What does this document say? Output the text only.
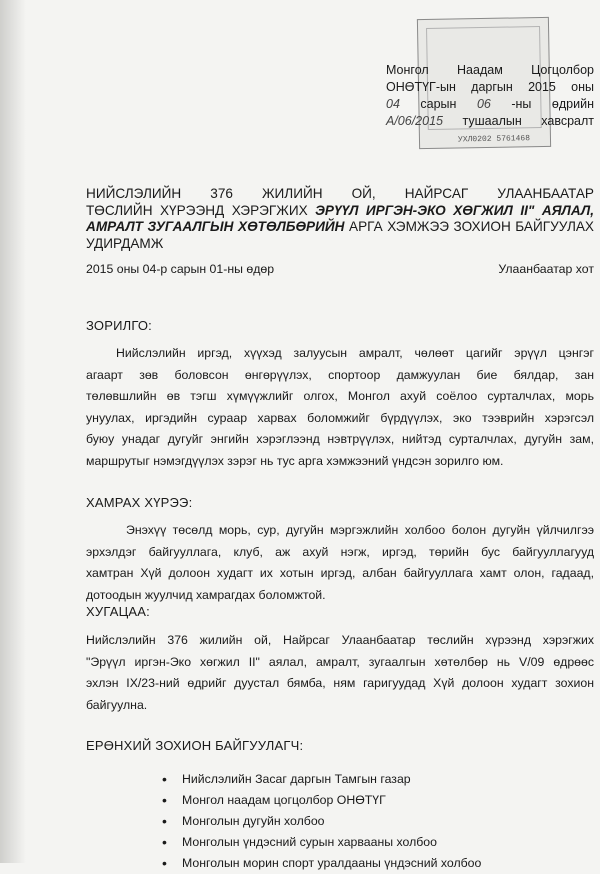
УХЛ0202 5761468
Монгол Наадам Цогцолбор
ОНӨТҮГ-ын даргын 2015 оны
04 сарын 06 -ны өдрийн
А/06/2015 тушаалын хавсралт
НИЙСЛЭЛИЙН 376 ЖИЛИЙН ОЙ, НАЙРСАГ УЛААНБААТАР
ТӨСЛИЙН ХҮРЭЭНД ХЭРЭГЖИХ ЭРҮҮЛ ИРГЭН-ЭКО ХӨГЖИЛ II" АЯЛАЛ,
АМРАЛТ ЗУГААЛГЫН ХӨТӨЛБӨРИЙН АРГА ХЭМЖЭЭ ЗОХИОН БАЙГУУЛАХ
УДИРДАМЖ
2015 оны 04-р сарын 01-ны өдөр	Улаанбаатар хот
ЗОРИЛГО:
Нийслэлийн иргэд, хүүхэд залуусын амралт, чөлөөт цагийг эрүүл цэнгэг
агаарт зөв боловсон өнгөрүүлэх, спортоор дамжуулан бие бялдар, зан
төлөвшлийн өв тэгш хүмүүжлийг олгох, Монгол ахуй соёлоо сурталчлах, морь
унуулах, иргэдийн сураар харвах боломжийг бүрдүүлэх, эко тээврийн хэрэгсэл
буюу унадаг дугуйг энгийн хэрэглээнд нэвтрүүлэх, нийтэд сурталчлах, дугуйн зам,
маршрутыг нэмэгдүүлэх зэрэг нь тус арга хэмжээний үндсэн зорилго юм.
ХАМРАХ ХҮРЭЭ:
Энэхүү төсөлд морь, сур, дугуйн мэргэжлийн холбоо болон дугуйн үйлчилгээ
эрхэлдэг байгууллага, клуб, аж ахуй нэгж, иргэд, төрийн бус байгууллагууд
хамтран Хүй долоон худагт их хотын иргэд, албан байгууллага хамт олон, гадаад,
дотоодын жуулчид хамрагдах боломжтой.
ХУГАЦАА:
Нийслэлийн 376 жилийн ой, Найрсаг Улаанбаатар төслийн хүрээнд хэрэгжих
"Эрүүл иргэн-Эко хөгжил II" аялал, амралт, зугаалгын хөтөлбөр нь V/09 өдрөөс
эхлэн IX/23-ний өдрийг дуустал бямба, ням гаригуудад Хүй долоон худагт зохион
байгуулна.
ЕРӨНХИЙ ЗОХИОН БАЙГУУЛАГЧ:
• Нийслэлийн Засаг даргын Тамгын газар
• Монгол наадам цогцолбор ОНӨТҮГ
• Монголын дугуйн холбоо
• Монголын үндэсний сурын харвааны холбоо
• Монголын морин спорт уралдааны үндэсний холбоо
